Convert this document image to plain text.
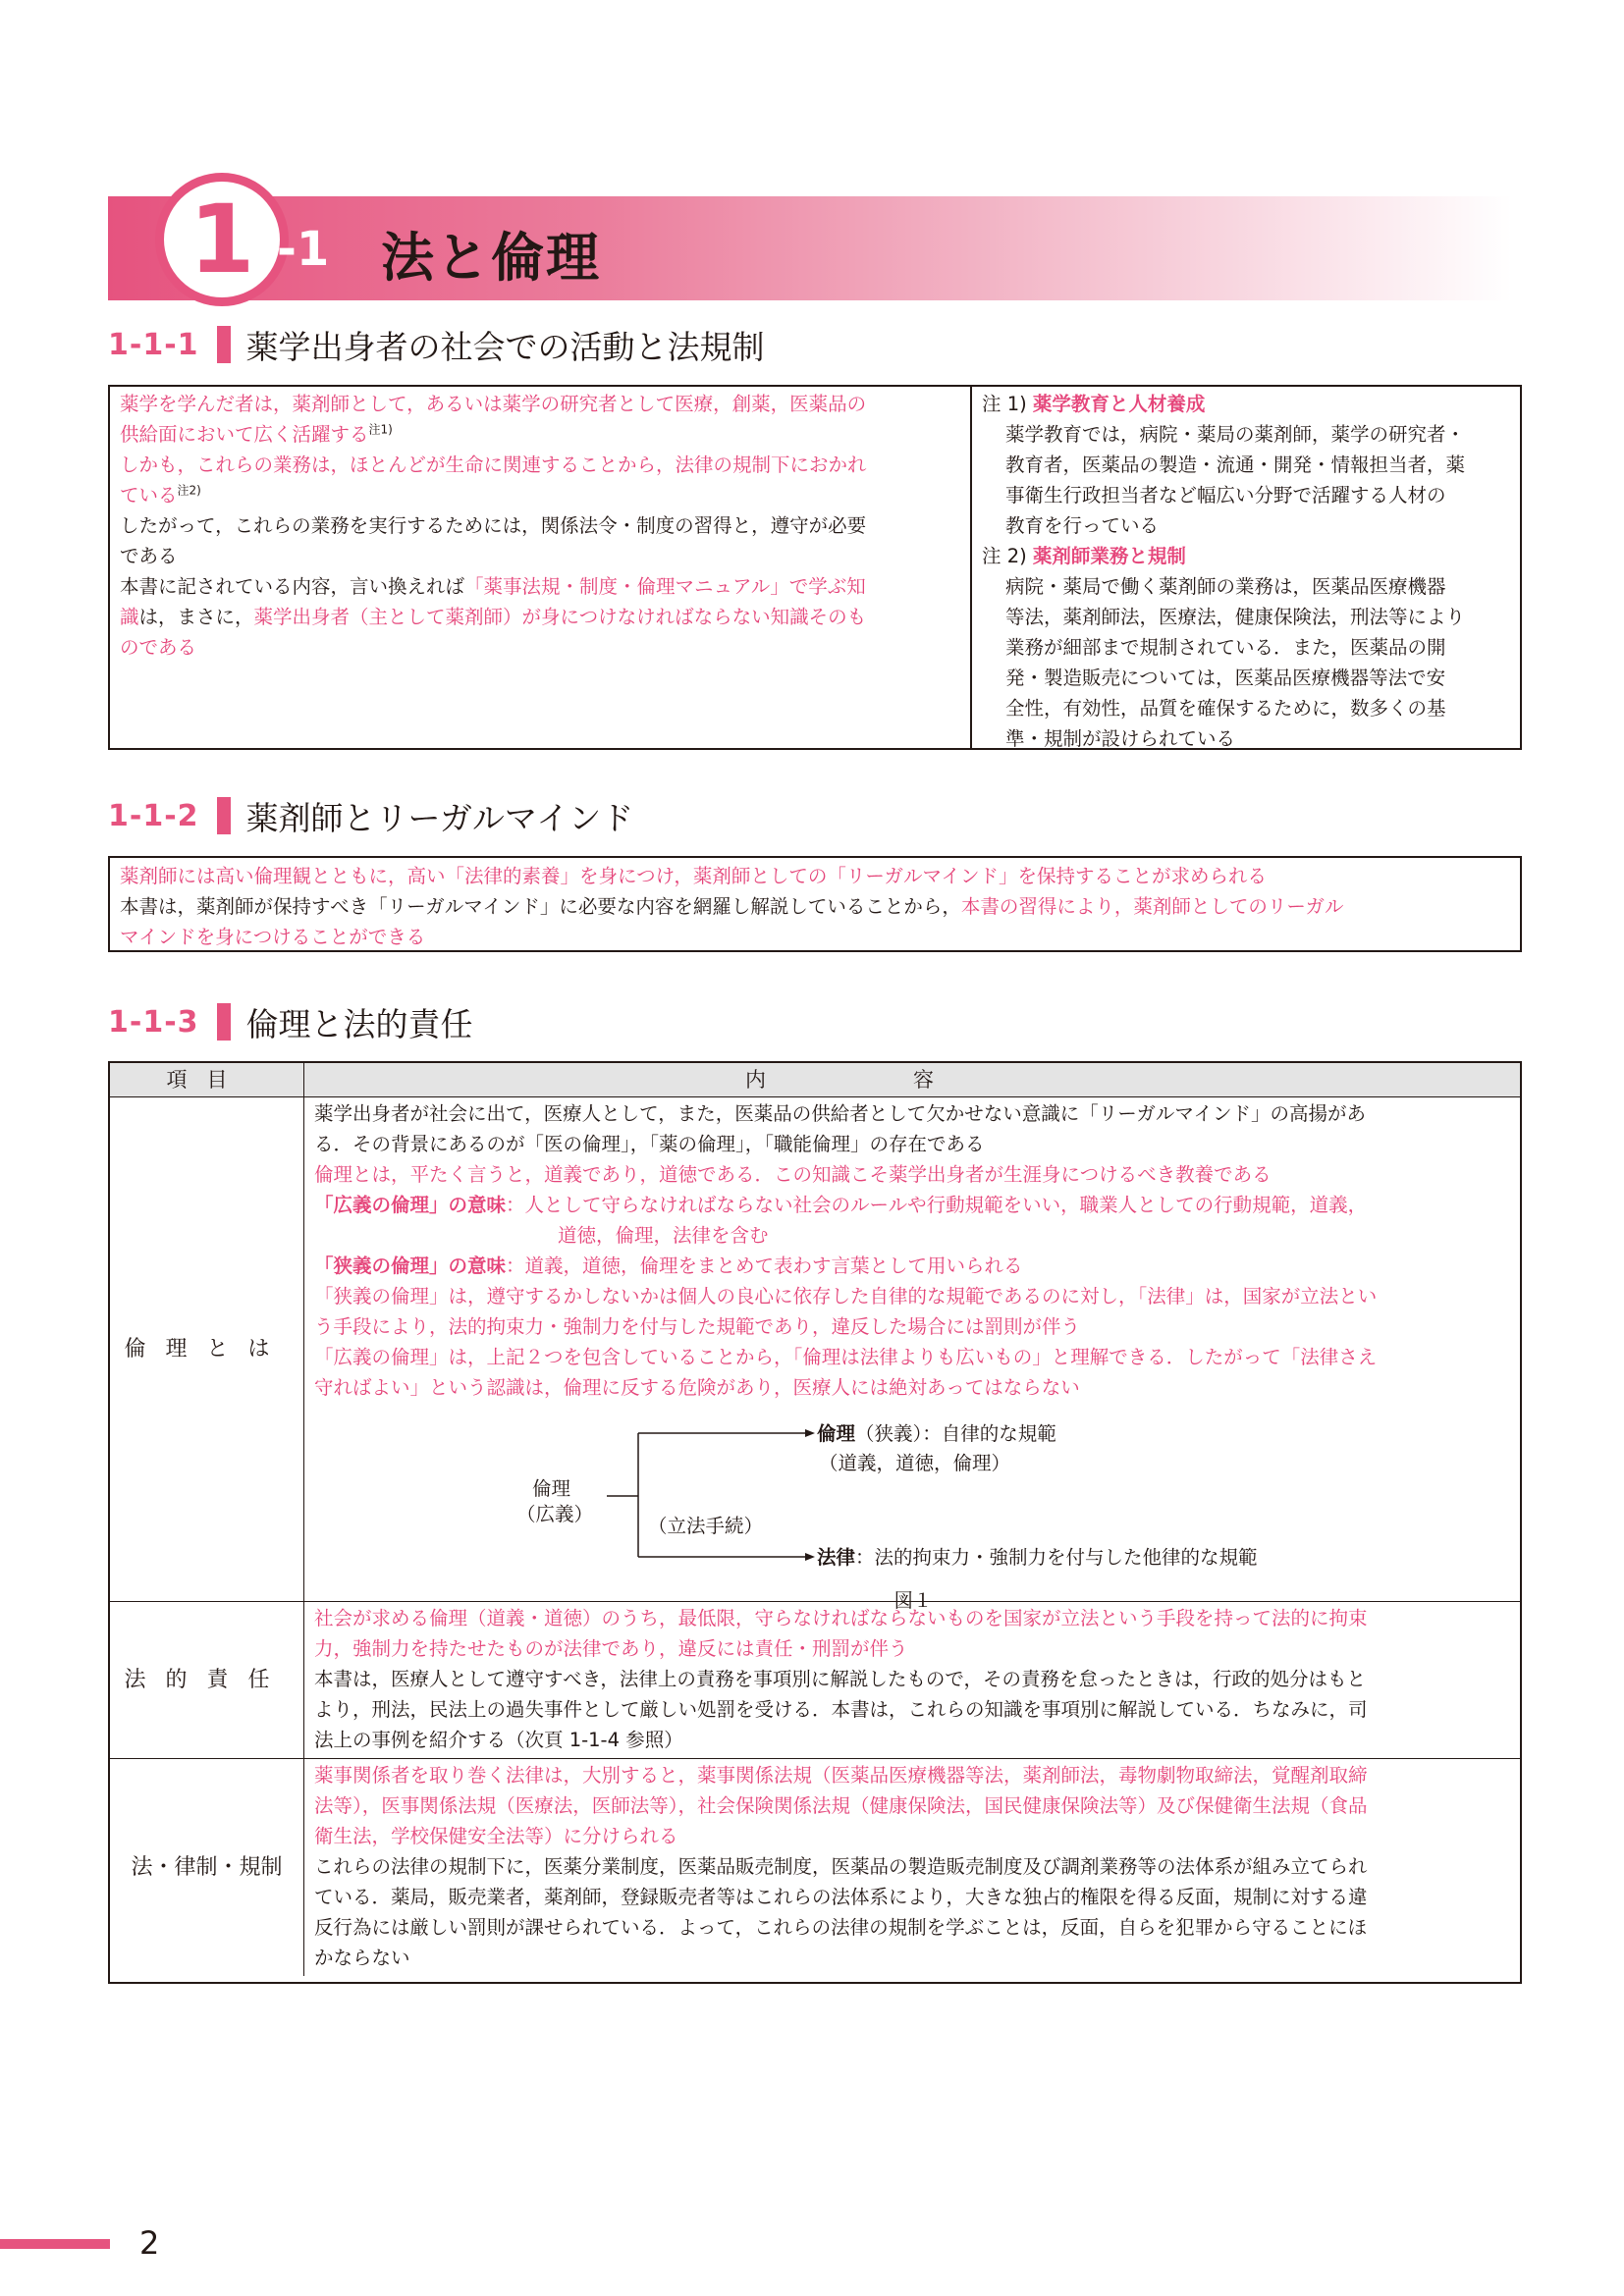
1 -1 法と倫理
1-1-1 薬学出身者の社会での活動と法規制

薬学を学んだ者は，薬剤師として，あるいは薬学の研究者として医療，創薬，医薬品の

供給面において広く活躍する$^{注1)}$

しかも，これらの業務は，ほとんどが生命に関連することから，法律の規制下におかれ

ている$^{注2)}$

したがって，これらの業務を実行するためには，関係法令・制度の習得と，遵守が必要

である

本書に記されている内容，言い換えれば「薬事法規・制度・倫理マニュアル」で学ぶ知

識は，まさに，薬学出身者（主として薬剤師）が身につけなければならない知識そのも

のである

注 1) 薬学教育と人材養成

薬学教育では，病院・薬局の薬剤師，薬学の研究者・

教育者，医薬品の製造・流通・開発・情報担当者，薬

事衛生行政担当者など幅広い分野で活躍する人材の

教育を行っている

注 2) 薬剤師業務と規制

病院・薬局で働く薬剤師の業務は，医薬品医療機器

等法，薬剤師法，医療法，健康保険法，刑法等により

業務が細部まで規制されている．また，医薬品の開

発・製造販売については，医薬品医療機器等法で安

全性，有効性，品質を確保するために，数多くの基

準・規制が設けられている

1-1-2 薬剤師とリーガルマインド

薬剤師には高い倫理観とともに，高い「法律的素養」を身につけ，薬剤師としての「リーガルマインド」を保持することが求められる

本書は，薬剤師が保持すべき「リーガルマインド」に必要な内容を網羅し解説していることから，本書の習得により，薬剤師としてのリーガル

マインドを身につけることができる

1-1-3 倫理と法的責任
項目	内容
倫理とは

薬学出身者が社会に出て，医療人として，また，医薬品の供給者として欠かせない意識に「リーガルマインド」の高揚があ

る．その背景にあるのが「医の倫理」，「薬の倫理」，「職能倫理」の存在である

倫理とは，平たく言うと，道義であり，道徳である．この知識こそ薬学出身者が生涯身につけるべき教養である

「広義の倫理」の意味：人として守らなければならない社会のルールや行動規範をいい，職業人としての行動規範，道義，

道徳，倫理，法律を含む

「狭義の倫理」の意味：道義，道徳，倫理をまとめて表わす言葉として用いられる

「狭義の倫理」は，遵守するかしないかは個人の良心に依存した自律的な規範であるのに対し，「法律」は，国家が立法とい

う手段により，法的拘束力・強制力を付与した規範であり，違反した場合には罰則が伴う

「広義の倫理」は，上記２つを包含していることから，「倫理は法律よりも広いもの」と理解できる．したがって「法律さえ

守ればよい」という認識は，倫理に反する危険があり，医療人には絶対あってはならない

倫理
（広義）
倫理（狭義）：自律的な規範
（道義，道徳，倫理）
（立法手続）
法律：法的拘束力・強制力を付与した他律的な規範
図１
法的責任

社会が求める倫理（道義・道徳）のうち，最低限，守らなければならないものを国家が立法という手段を持って法的に拘束

力，強制力を持たせたものが法律であり，違反には責任・刑罰が伴う

本書は，医療人として遵守すべき，法律上の責務を事項別に解説したもので，その責務を怠ったときは，行政的処分はもと

より，刑法，民法上の過失事件として厳しい処罰を受ける．本書は，これらの知識を事項別に解説している．ちなみに，司

法上の事例を紹介する（次頁 1-1-4 参照）

法・律制・規制

薬事関係者を取り巻く法律は，大別すると，薬事関係法規（医薬品医療機器等法，薬剤師法，毒物劇物取締法，覚醒剤取締

法等），医事関係法規（医療法，医師法等），社会保険関係法規（健康保険法，国民健康保険法等）及び保健衛生法規（食品

衛生法，学校保健安全法等）に分けられる

これらの法律の規制下に，医薬分業制度，医薬品販売制度，医薬品の製造販売制度及び調剤業務等の法体系が組み立てられ

ている．薬局，販売業者，薬剤師，登録販売者等はこれらの法体系により，大きな独占的権限を得る反面，規制に対する違

反行為には厳しい罰則が課せられている．よって，これらの法律の規制を学ぶことは，反面，自らを犯罪から守ることにほ

かならない

2
